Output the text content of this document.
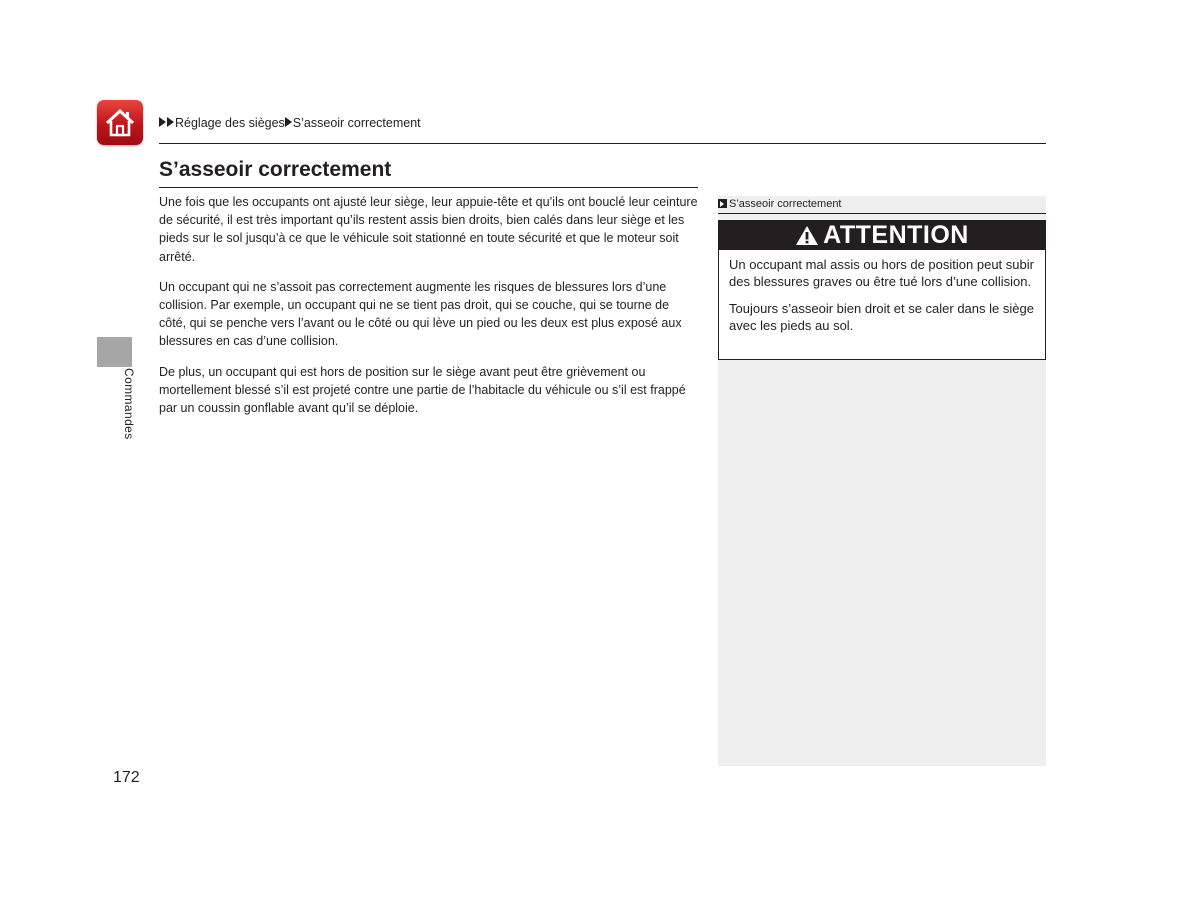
Réglage des sièges S’asseoir correctement
S’asseoir correctement

Une fois que les occupants ont ajusté leur siège, leur appuie-tête et qu’ils ont bouclé leur ceinture de sécurité, il est très important qu’ils restent assis bien droits, bien calés dans leur siège et les pieds sur le sol jusqu’à ce que le véhicule soit stationné en toute sécurité et que le moteur soit arrêté.

Un occupant qui ne s’assoit pas correctement augmente les risques de blessures lors d’une collision. Par exemple, un occupant qui ne se tient pas droit, qui se couche, qui se tourne de côté, qui se penche vers l’avant ou le côté ou qui lève un pied ou les deux est plus exposé aux blessures en cas d’une collision.

De plus, un occupant qui est hors de position sur le siège avant peut être grièvement ou mortellement blessé s’il est projeté contre une partie de l’habitacle du véhicule ou s’il est frappé par un coussin gonflable avant qu’il se déploie.

Commandes
S’asseoir correctement
ATTENTION

Un occupant mal assis ou hors de position peut subir des blessures graves ou être tué lors d’une collision.

Toujours s’asseoir bien droit et se caler dans le siège avec les pieds au sol.

172
